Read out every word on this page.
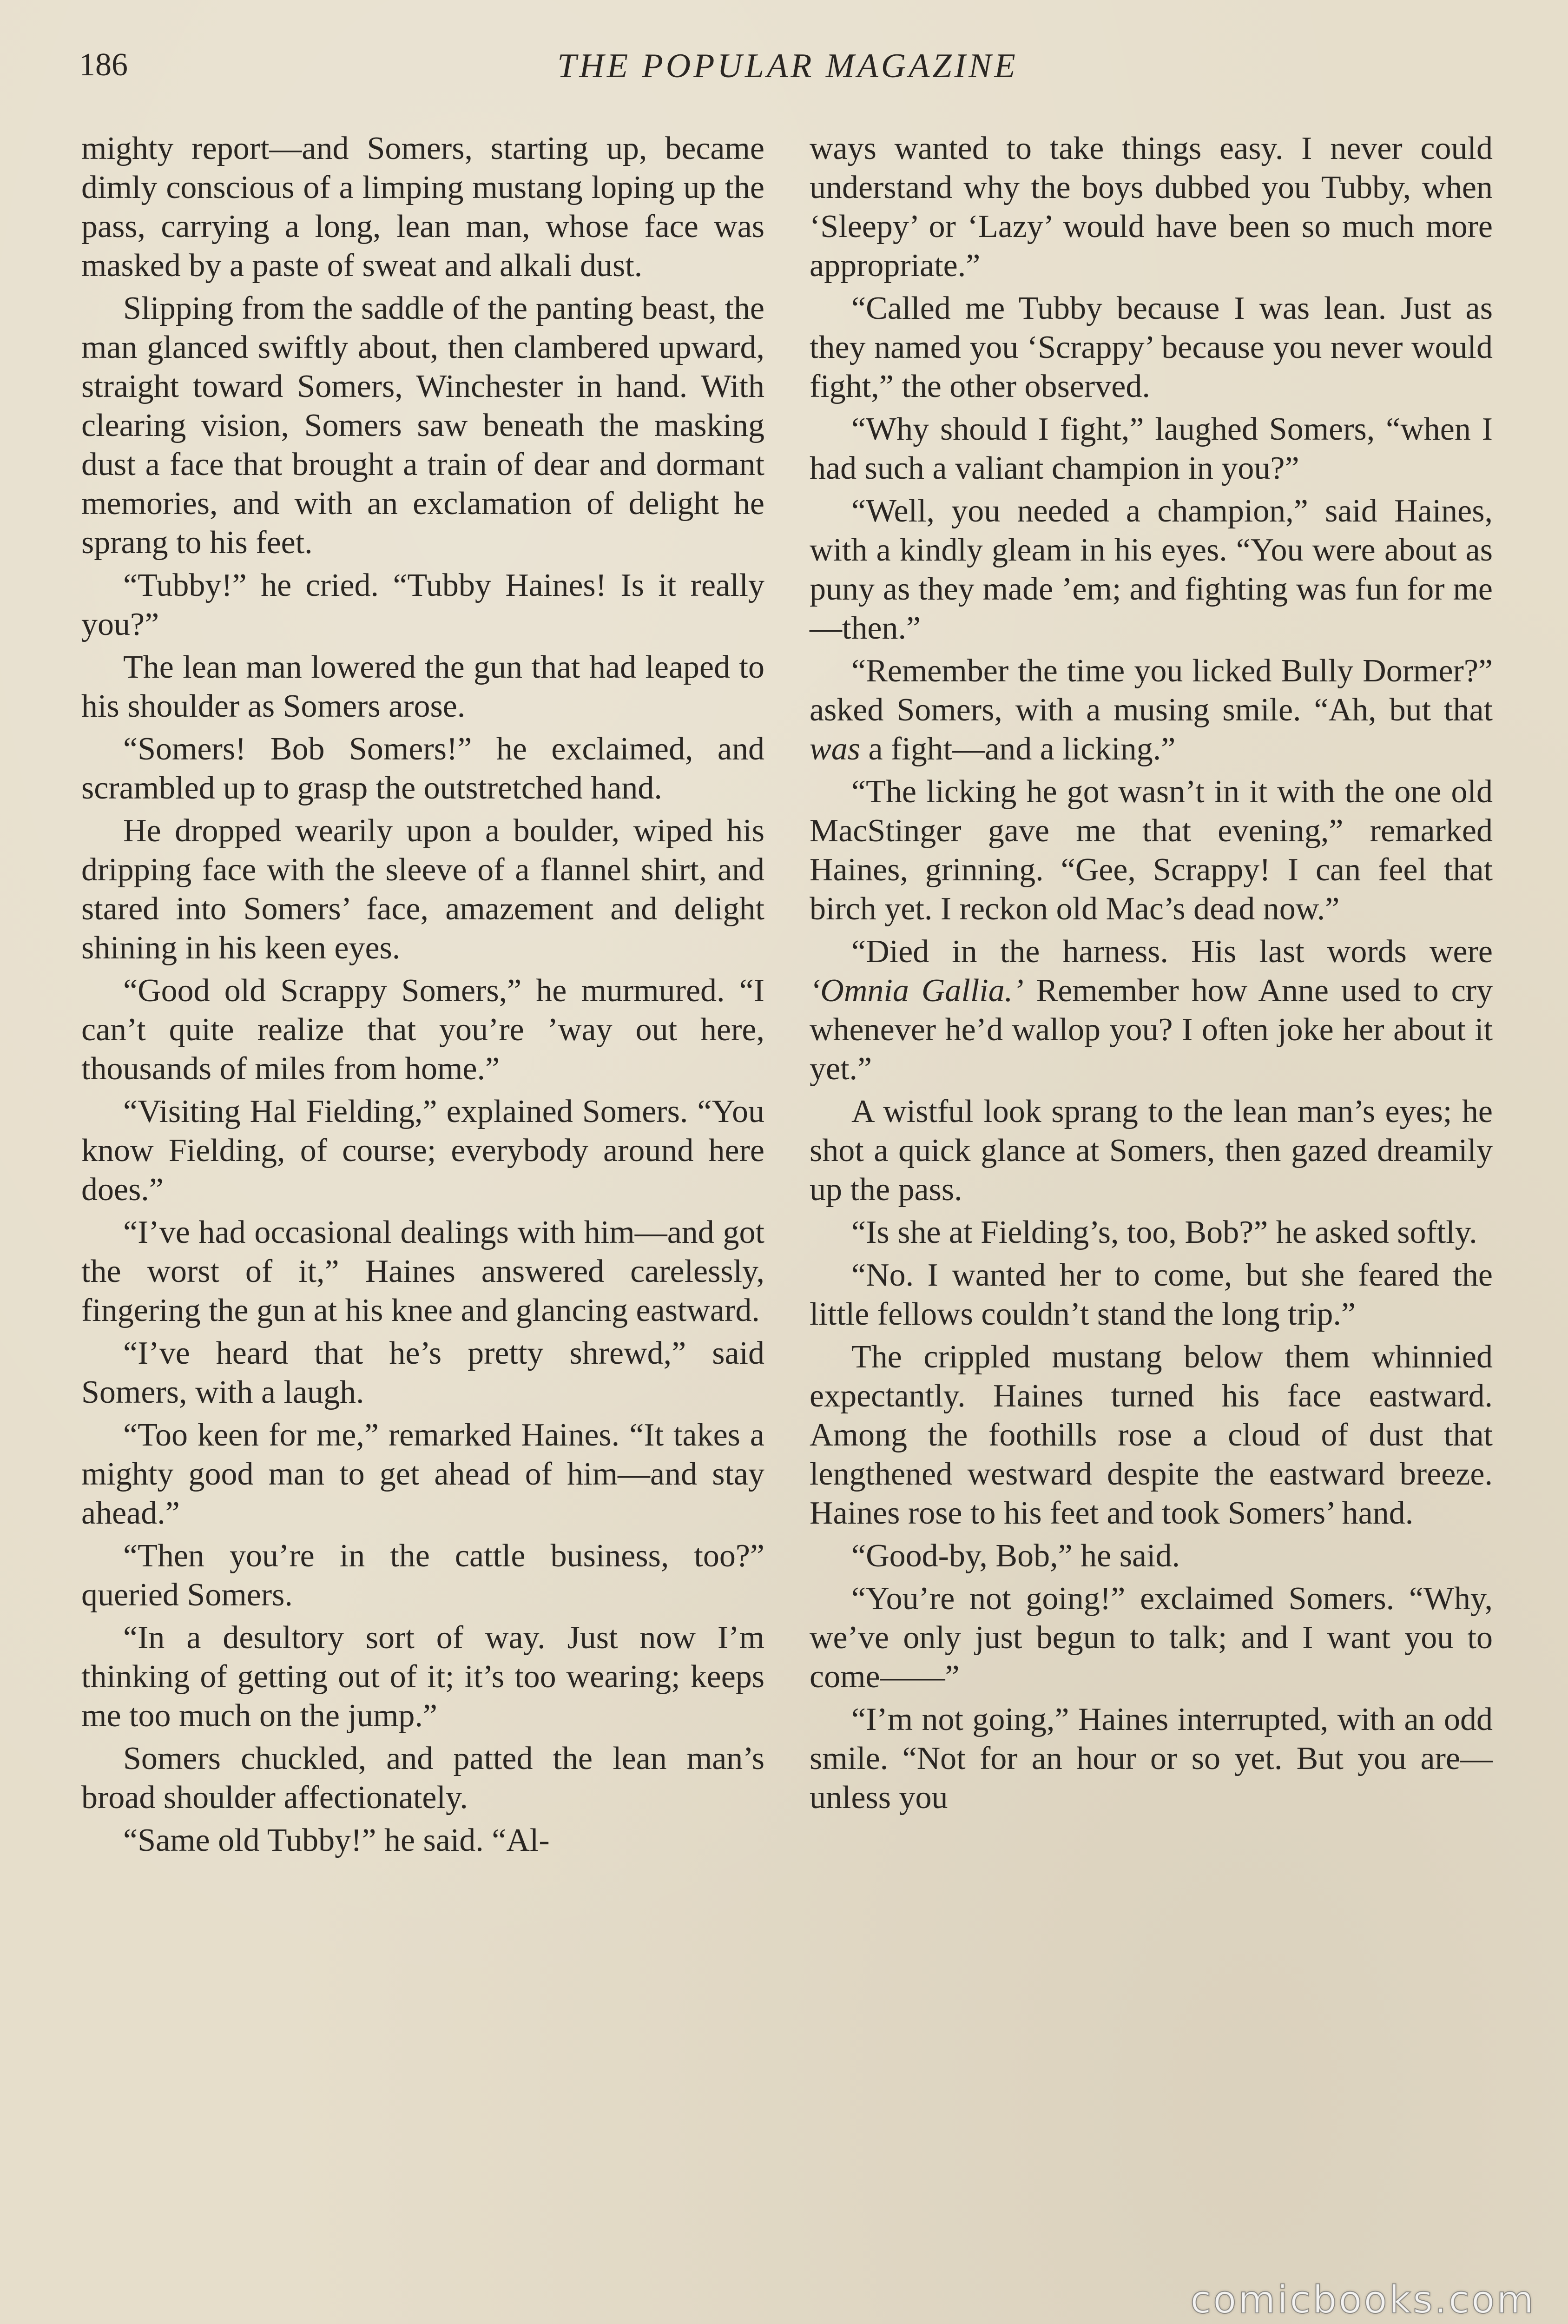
186	THE POPULAR MAGAZINE

mighty report—and Somers, starting up, became dimly conscious of a limping mustang loping up the pass, carrying a long, lean man, whose face was masked by a paste of sweat and alkali dust.

Slipping from the saddle of the panting beast, the man glanced swiftly about, then clambered upward, straight toward Somers, Winchester in hand. With clearing vision, Somers saw beneath the masking dust a face that brought a train of dear and dormant memories, and with an exclamation of delight he sprang to his feet.

“Tubby!” he cried. “Tubby Haines! Is it really you?”

The lean man lowered the gun that had leaped to his shoulder as Somers arose.

“Somers! Bob Somers!” he exclaimed, and scrambled up to grasp the outstretched hand.

He dropped wearily upon a boulder, wiped his dripping face with the sleeve of a flannel shirt, and stared into Somers’ face, amazement and delight shining in his keen eyes.

“Good old Scrappy Somers,” he murmured. “I can’t quite realize that you’re ’way out here, thousands of miles from home.”

“Visiting Hal Fielding,” explained Somers. “You know Fielding, of course; everybody around here does.”

“I’ve had occasional dealings with him—and got the worst of it,” Haines answered carelessly, fingering the gun at his knee and glancing eastward.

“I’ve heard that he’s pretty shrewd,” said Somers, with a laugh.

“Too keen for me,” remarked Haines. “It takes a mighty good man to get ahead of him—and stay ahead.”

“Then you’re in the cattle business, too?” queried Somers.

“In a desultory sort of way. Just now I’m thinking of getting out of it; it’s too wearing; keeps me too much on the jump.”

Somers chuckled, and patted the lean man’s broad shoulder affectionately.

“Same old Tubby!” he said. “Al-

ways wanted to take things easy. I never could understand why the boys dubbed you Tubby, when ‘Sleepy’ or ‘Lazy’ would have been so much more appropriate.”

“Called me Tubby because I was lean. Just as they named you ‘Scrappy’ because you never would fight,” the other observed.

“Why should I fight,” laughed Somers, “when I had such a valiant champion in you?”

“Well, you needed a champion,” said Haines, with a kindly gleam in his eyes. “You were about as puny as they made ’em; and fighting was fun for me—then.”

“Remember the time you licked Bully Dormer?” asked Somers, with a musing smile. “Ah, but that was a fight—and a licking.”

“The licking he got wasn’t in it with the one old MacStinger gave me that evening,” remarked Haines, grinning. “Gee, Scrappy! I can feel that birch yet. I reckon old Mac’s dead now.”

“Died in the harness. His last words were ‘Omnia Gallia.’ Remember how Anne used to cry whenever he’d wallop you? I often joke her about it yet.”

A wistful look sprang to the lean man’s eyes; he shot a quick glance at Somers, then gazed dreamily up the pass.

“Is she at Fielding’s, too, Bob?” he asked softly.

“No. I wanted her to come, but she feared the little fellows couldn’t stand the long trip.”

The crippled mustang below them whinnied expectantly. Haines turned his face eastward. Among the foothills rose a cloud of dust that lengthened westward despite the eastward breeze. Haines rose to his feet and took Somers’ hand.

“Good-by, Bob,” he said.

“You’re not going!” exclaimed Somers. “Why, we’ve only just begun to talk; and I want you to come——”

“I’m not going,” Haines interrupted, with an odd smile. “Not for an hour or so yet. But you are—unless you

comicbooks.com
